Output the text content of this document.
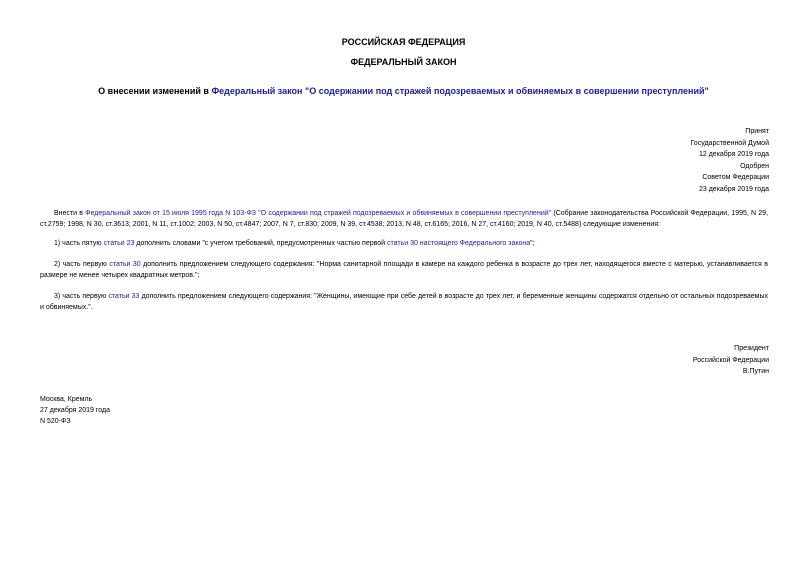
РОССИЙСКАЯ ФЕДЕРАЦИЯ
ФЕДЕРАЛЬНЫЙ ЗАКОН
О внесении изменений в Федеральный закон "О содержании под стражей подозреваемых и обвиняемых в совершении преступлений"
Принят
Государственной Думой
12 декабря 2019 года
Одобрен
Советом Федерации
23 декабря 2019 года
Внести в Федеральный закон от 15 июля 1995 года N 103-ФЗ "О содержании под стражей подозреваемых и обвиняемых в совершении преступлений" (Собрание законодательства Российской Федерации, 1995, N 29, ст.2759; 1998, N 30, ст.3613; 2001, N 11, ст.1002; 2003, N 50, ст.4847; 2007, N 7, ст.830; 2009, N 39, ст.4538; 2013, N 48, ст.6165; 2016, N 27, ст.4160; 2019, N 40, ст.5488) следующие изменения:
1) часть пятую статьи 23 дополнить словами "с учетом требований, предусмотренных частью первой статьи 30 настоящего Федерального закона";
2) часть первую статьи 30 дополнить предложением следующего содержания: "Норма санитарной площади в камере на каждого ребенка в возрасте до трех лет, находящегося вместе с матерью, устанавливается в размере не менее четырех квадратных метров.";
3) часть первую статьи 33 дополнить предложением следующего содержания: "Женщины, имеющие при себе детей в возрасте до трех лет, и беременные женщины содержатся отдельно от остальных подозреваемых и обвиняемых.".
Президент
Российской Федерации
В.Путин
Москва, Кремль
27 декабря 2019 года
N 520-ФЗ
